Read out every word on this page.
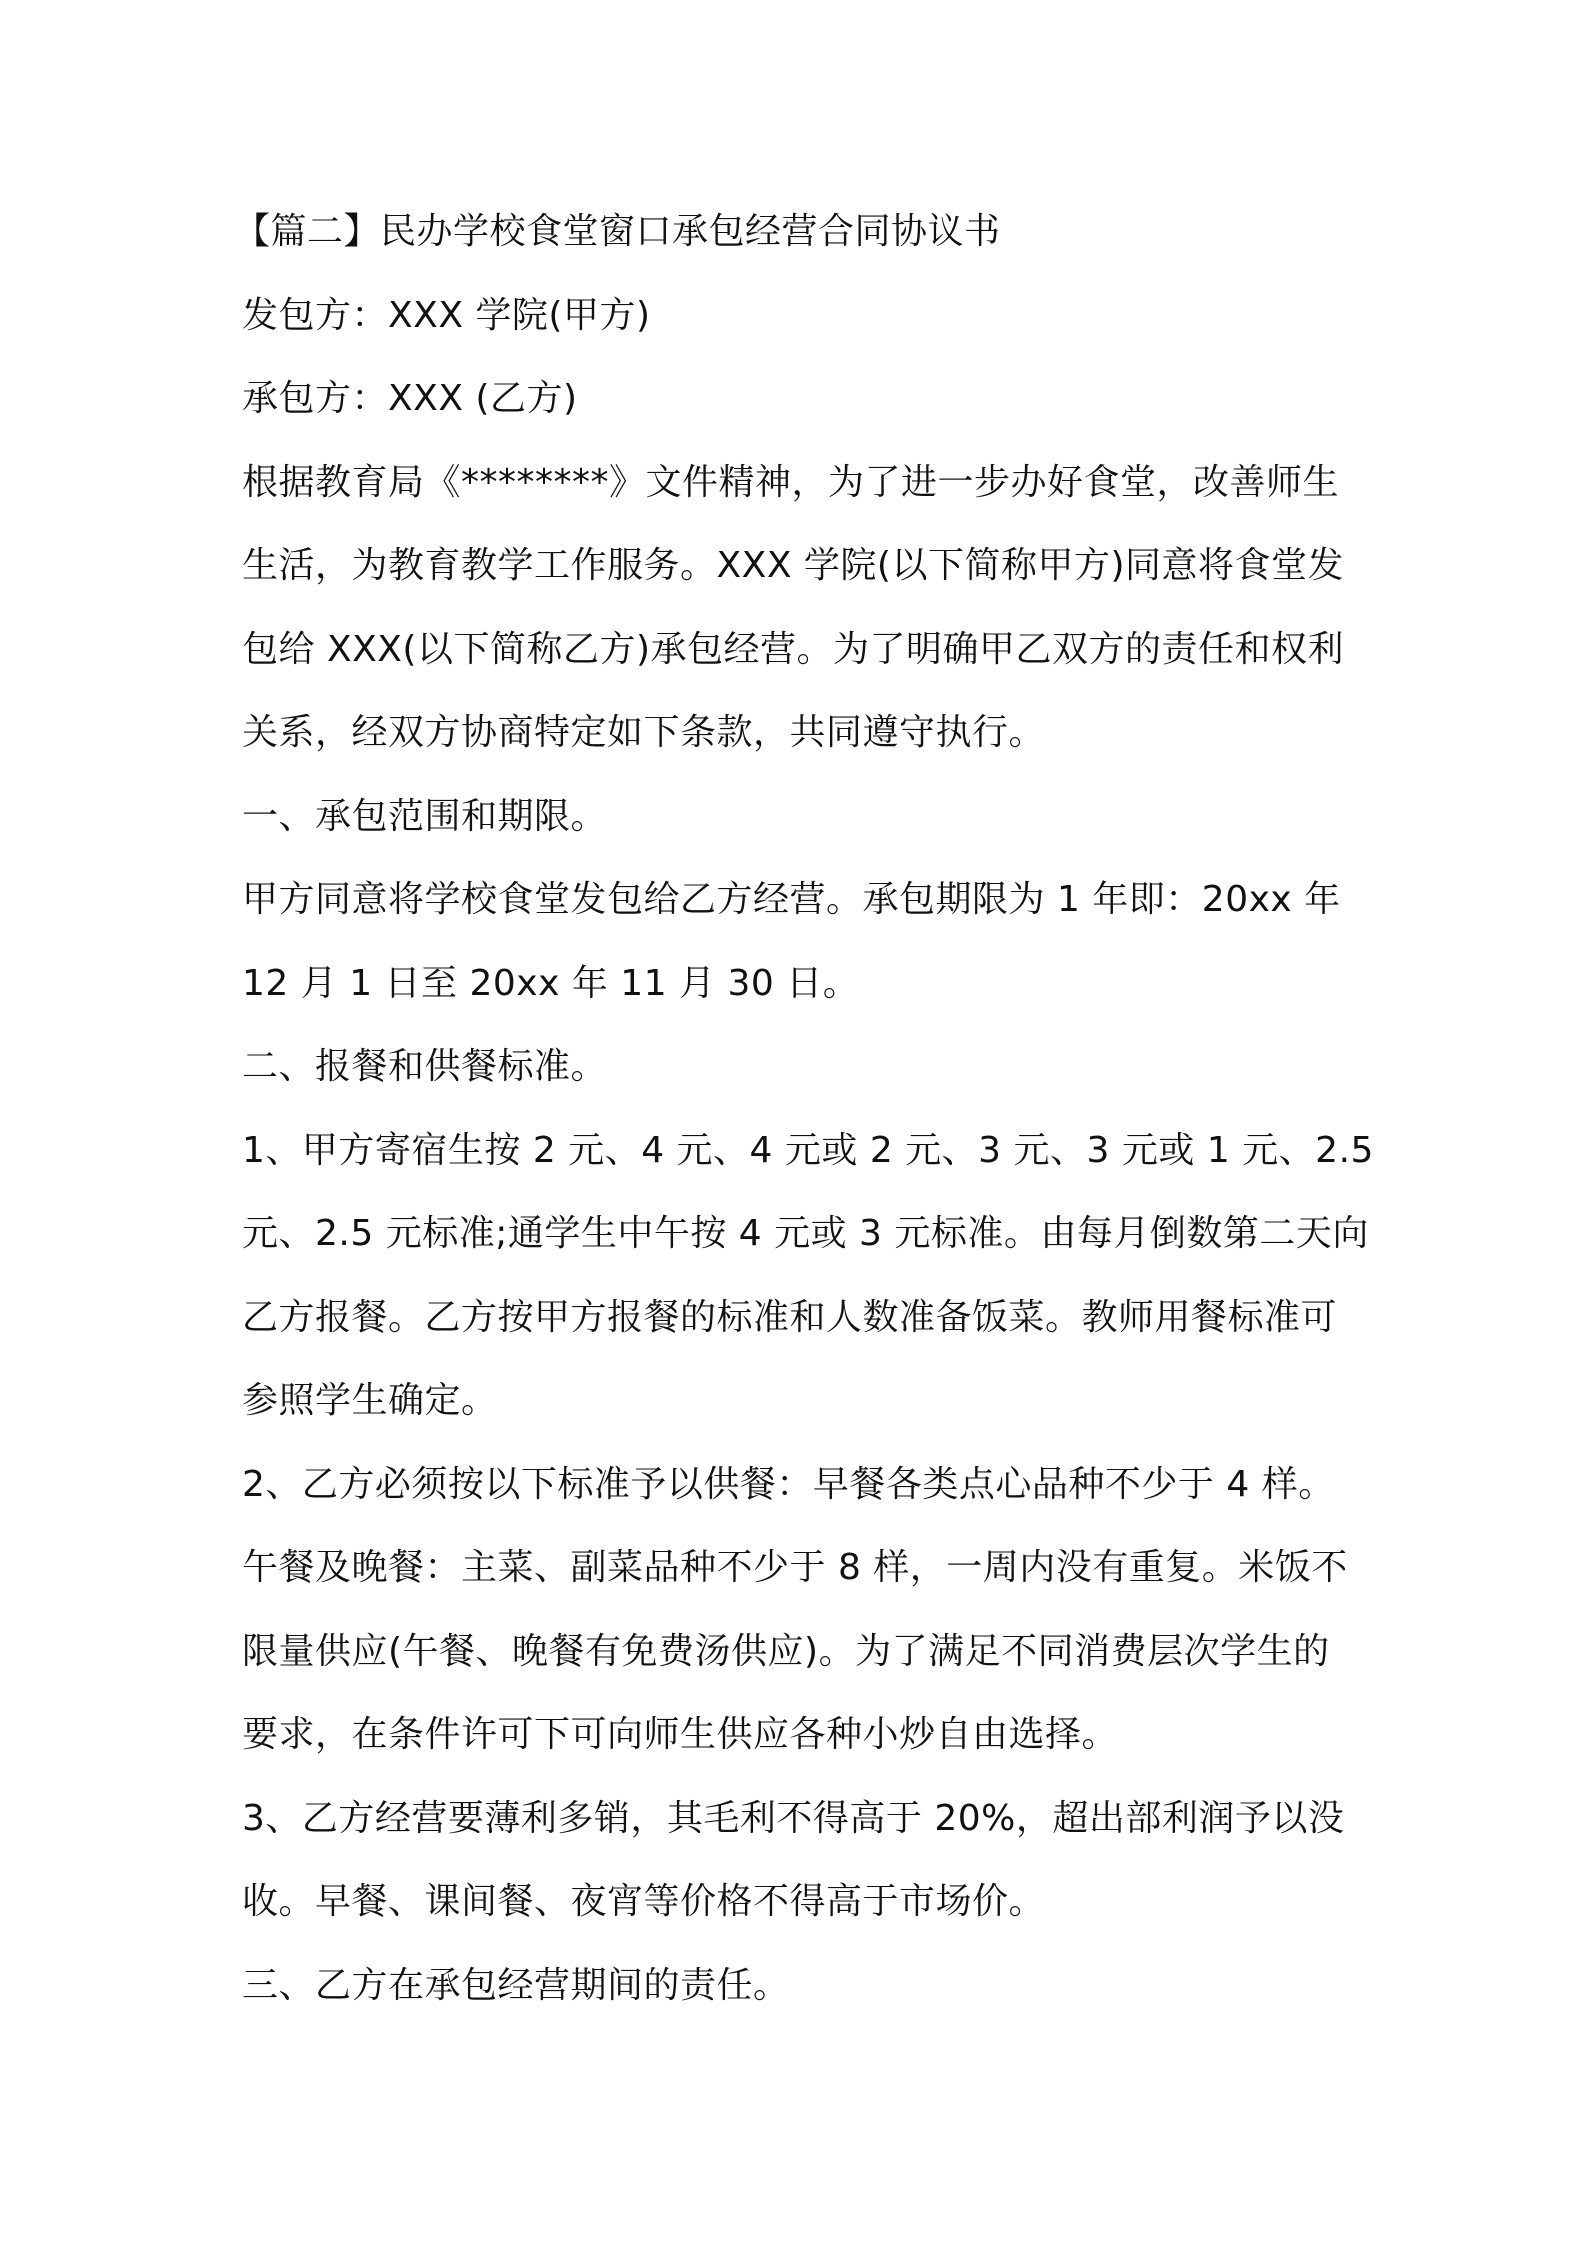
【篇二】民办学校食堂窗口承包经营合同协议书
发包方：XXX 学院(甲方)
承包方：XXX (乙方)
根据教育局《********》文件精神，为了进一步办好食堂，改善师生
生活，为教育教学工作服务。XXX 学院(以下简称甲方)同意将食堂发
包给 XXX(以下简称乙方)承包经营。为了明确甲乙双方的责任和权利
关系，经双方协商特定如下条款，共同遵守执行。
一、承包范围和期限。
甲方同意将学校食堂发包给乙方经营。承包期限为 1 年即：20xx 年
12 月 1 日至 20xx 年 11 月 30 日。
二、报餐和供餐标准。
1、甲方寄宿生按 2 元、4 元、4 元或 2 元、3 元、3 元或 1 元、2.5
元、2.5 元标准;通学生中午按 4 元或 3 元标准。由每月倒数第二天向
乙方报餐。乙方按甲方报餐的标准和人数准备饭菜。教师用餐标准可
参照学生确定。
2、乙方必须按以下标准予以供餐：早餐各类点心品种不少于 4 样。
午餐及晚餐：主菜、副菜品种不少于 8 样，一周内没有重复。米饭不
限量供应(午餐、晚餐有免费汤供应)。为了满足不同消费层次学生的
要求，在条件许可下可向师生供应各种小炒自由选择。
3、乙方经营要薄利多销，其毛利不得高于 20%，超出部利润予以没
收。早餐、课间餐、夜宵等价格不得高于市场价。
三、乙方在承包经营期间的责任。
